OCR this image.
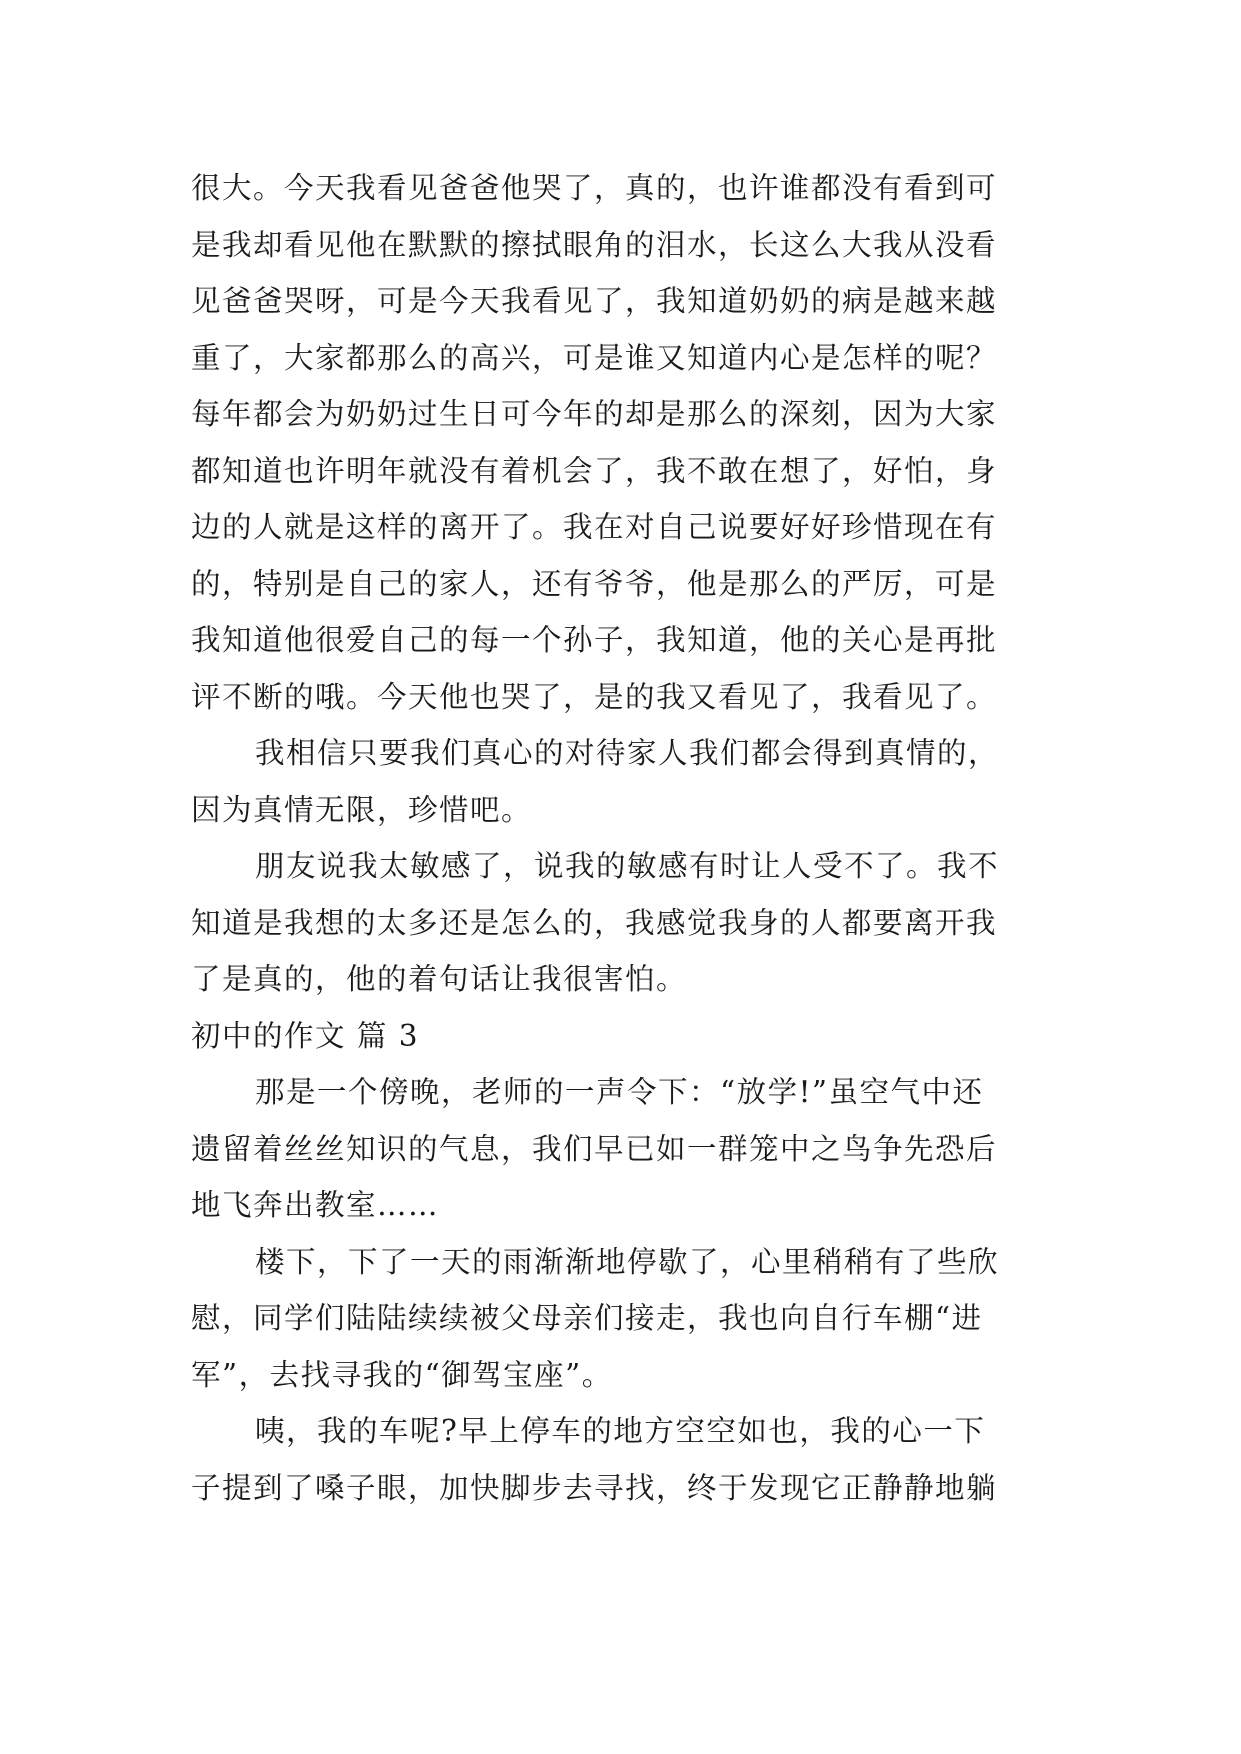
很大。今天我看见爸爸他哭了，真的，也许谁都没有看到可
是我却看见他在默默的擦拭眼角的泪水，长这么大我从没看
见爸爸哭呀，可是今天我看见了，我知道奶奶的病是越来越
重了，大家都那么的高兴，可是谁又知道内心是怎样的呢？
每年都会为奶奶过生日可今年的却是那么的深刻，因为大家
都知道也许明年就没有着机会了，我不敢在想了，好怕，身
边的人就是这样的离开了。我在对自己说要好好珍惜现在有
的，特别是自己的家人，还有爷爷，他是那么的严厉，可是
我知道他很爱自己的每一个孙子，我知道，他的关心是再批
评不断的哦。今天他也哭了，是的我又看见了，我看见了。
我相信只要我们真心的对待家人我们都会得到真情的，
因为真情无限，珍惜吧。
朋友说我太敏感了，说我的敏感有时让人受不了。我不
知道是我想的太多还是怎么的，我感觉我身的人都要离开我
了是真的，他的着句话让我很害怕。
初中的作文 篇 3
那是一个傍晚，老师的一声令下：“放学!”虽空气中还
遗留着丝丝知识的气息，我们早已如一群笼中之鸟争先恐后
地飞奔出教室……
楼下，下了一天的雨渐渐地停歇了，心里稍稍有了些欣
慰，同学们陆陆续续被父母亲们接走，我也向自行车棚“进
军”，去找寻我的“御驾宝座”。
咦，我的车呢?早上停车的地方空空如也，我的心一下
子提到了嗓子眼，加快脚步去寻找，终于发现它正静静地躺
